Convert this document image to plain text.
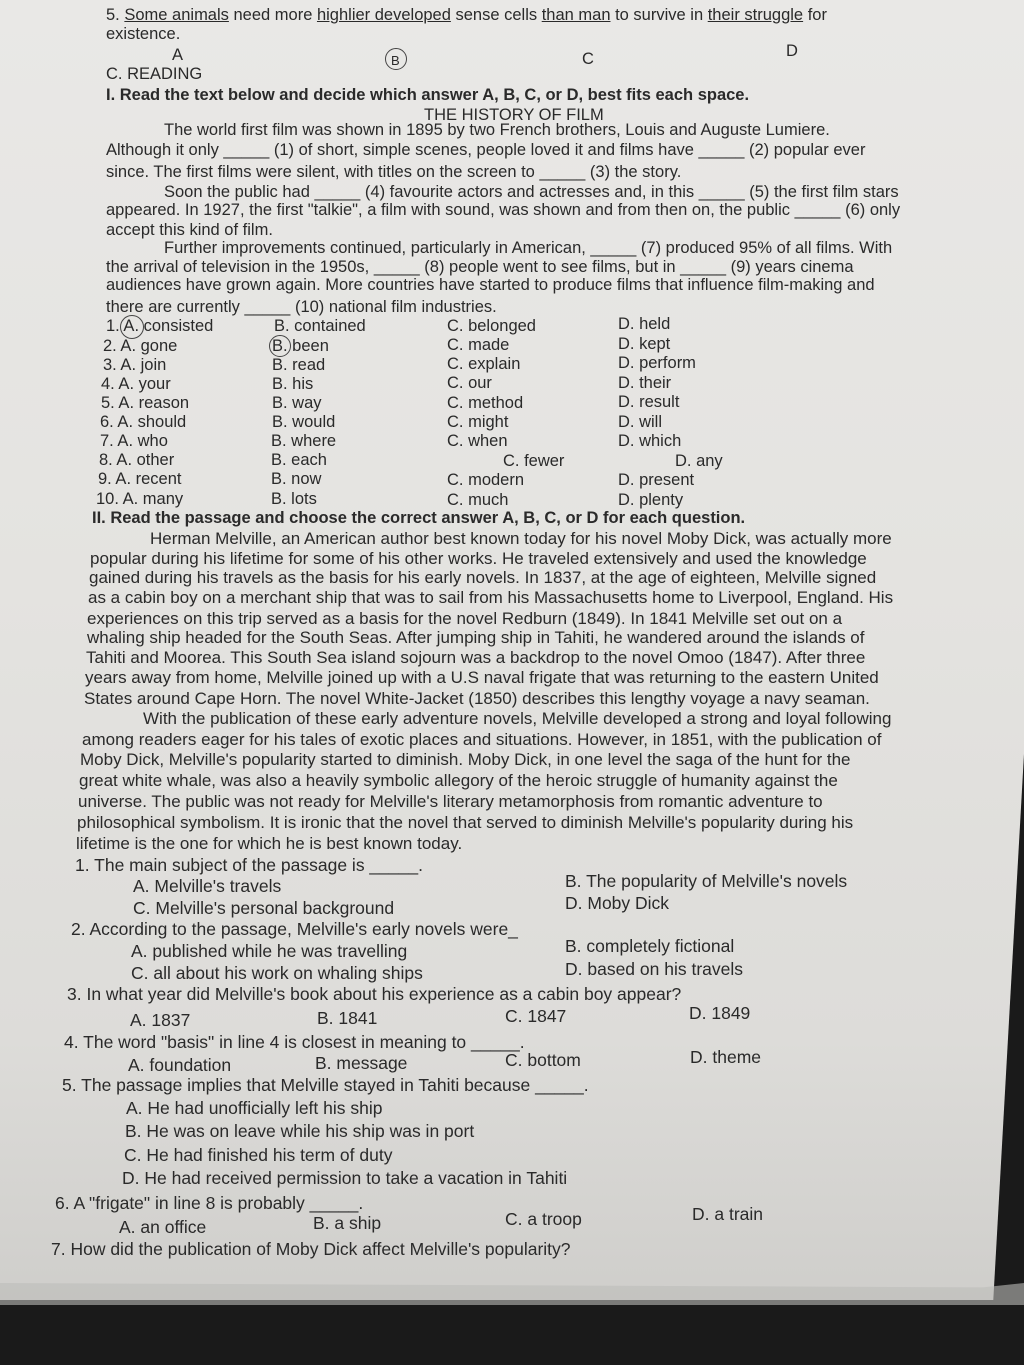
5. Some animals need more highlier developed sense cells than man to survive in their struggle for
existence.
A	B	C	D
C. READING
I. Read the text below and decide which answer A, B, C, or D, best fits each space.
THE HISTORY OF FILM
The world first film was shown in 1895 by two French brothers, Louis and Auguste Lumiere.
Although it only _____ (1) of short, simple scenes, people loved it and films have _____ (2) popular ever
since. The first films were silent, with titles on the screen to _____ (3) the story.
Soon the public had _____ (4) favourite actors and actresses and, in this _____ (5) the first film stars
appeared. In 1927, the first "talkie", a film with sound, was shown and from then on, the public _____ (6) only
accept this kind of film.
Further improvements continued, particularly in American, _____ (7) produced 95% of all films. With
the arrival of television in the 1950s, _____ (8) people went to see films, but in _____ (9) years cinema
audiences have grown again. More countries have started to produce films that influence film-making and
there are currently _____ (10) national film industries.
1. A. consisted	B. contained	C. belonged	D. held
2. A. gone	B. been	C. made	D. kept
3. A. join	B. read	C. explain	D. perform
4. A. your	B. his	C. our	D. their
5. A. reason	B. way	C. method	D. result
6. A. should	B. would	C. might	D. will
7. A. who	B. where	C. when	D. which
8. A. other	B. each	C. fewer	D. any
9. A. recent	B. now	C. modern	D. present
10. A. many	B. lots	C. much	D. plenty
II. Read the passage and choose the correct answer A, B, C, or D for each question.
Herman Melville, an American author best known today for his novel Moby Dick, was actually more
popular during his lifetime for some of his other works. He traveled extensively and used the knowledge
gained during his travels as the basis for his early novels. In 1837, at the age of eighteen, Melville signed
as a cabin boy on a merchant ship that was to sail from his Massachusetts home to Liverpool, England. His
experiences on this trip served as a basis for the novel Redburn (1849). In 1841 Melville set out on a
whaling ship headed for the South Seas. After jumping ship in Tahiti, he wandered around the islands of
Tahiti and Moorea. This South Sea island sojourn was a backdrop to the novel Omoo (1847). After three
years away from home, Melville joined up with a U.S naval frigate that was returning to the eastern United
States around Cape Horn. The novel White-Jacket (1850) describes this lengthy voyage a navy seaman.
With the publication of these early adventure novels, Melville developed a strong and loyal following
among readers eager for his tales of exotic places and situations. However, in 1851, with the publication of
Moby Dick, Melville's popularity started to diminish. Moby Dick, in one level the saga of the hunt for the
great white whale, was also a heavily symbolic allegory of the heroic struggle of humanity against the
universe. The public was not ready for Melville's literary metamorphosis from romantic adventure to
philosophical symbolism. It is ironic that the novel that served to diminish Melville's popularity during his
lifetime is the one for which he is best known today.
1. The main subject of the passage is _____.
A. Melville's travels	B. The popularity of Melville's novels
C. Melville's personal background	D. Moby Dick
2. According to the passage, Melville's early novels were_
A. published while he was travelling	B. completely fictional
C. all about his work on whaling ships	D. based on his travels
3. In what year did Melville's book about his experience as a cabin boy appear?
A. 1837	B. 1841	C. 1847	D. 1849
4. The word "basis" in line 4 is closest in meaning to _____.
A. foundation	B. message	C. bottom	D. theme
5. The passage implies that Melville stayed in Tahiti because _____.
A. He had unofficially left his ship
B. He was on leave while his ship was in port
C. He had finished his term of duty
D. He had received permission to take a vacation in Tahiti
6. A "frigate" in line 8 is probably _____.
A. an office	B. a ship	C. a troop	D. a train
7. How did the publication of Moby Dick affect Melville's popularity?
